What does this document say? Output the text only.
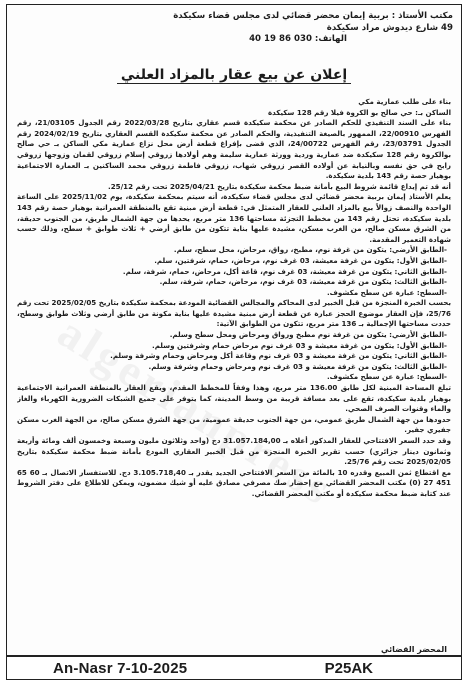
مكتب الأستاذ : بربية إيمان محضر قضائي لدى مجلس قضاء سكيكدة
49 شارع ديدوش مراد سكيكدة
الهاتف: 030 86 19 40
إعلان عن بيع عقار بالمزاد العلني

بناء على طلب عمارية مكي

الساكن بـ: حي صالح بو الكروة فيلا رقم 128 سكيكدة

بناء على السند التنفيذي للحكم الصادر عن محكمة سكيكدة قسم عقاري بتاريخ 2022/03/28 رقم الجدول 21/03105، رقم الفهرس 22/00910، الممهور بالصيغة التنفيذية، والحكم الصادر عن محكمة سكيكدة القسم العقاري بتاريخ 2024/02/19 رقم الجدول 23/03791، رقم الفهرس 24/00722، الذي قضى بإفراغ قطعة أرض محل نزاع عمارية مكي الساكن بـ حي صالح بوالكروة رقم 128 سكيكدة ضد عمارية وردية وورثة عمارية سليمة وهم أولادها زروقي إسلام زروقي لقمان وزوجها زروقي رابح في حق نفسه وبالنيابة عن أولاده القصر زروقي شهاب، زروقي فاطمة زروقي محمد الساكنين بـ العمارة الاجتماعية بوهيار حصة رقم 143 بلدية سكيكدة.

أنه قد تم إيداع قائمة شروط البيع بأمانة ضبط محكمة سكيكدة بتاريخ 2025/04/21 تحت رقم 25/12.

يعلم الأستاذ إيمان بربية محضر قضائي لدى مجلس قضاء سكيكدة، أنه سيتم بمحكمة سكيكدة، يوم 2025/11/02 على الساعة الواحدة والنصف زوالاً بيع بالمزاد العلني للعقار المتمثل في: قطعة أرض مبنية تقع بالمنطقة العمرانية بوهيار حصة رقم 143 بلدية سكيكدة، تحتل رقم 143 من مخطط التجزئة مساحتها 136 متر مربع، يحدها من جهة الشمال طريق، من الجنوب حديقة، من الشرق مسكن صالح، من الغرب مسكن، مشيدة عليها بناية تتكون من طابق أرضي + ثلاث طوابق + سطح، وذلك حسب شهادة التعمير المقدمة.

-الطابق الأرضي: يتكون من غرفة نوم، مطبخ، رواق، مرحاض، محل سطح، سلم.

-الطابق الأول: يتكون من غرفة معيشة، 03 غرف نوم، مرحاض، حمام، شرفتين، سلم.

-الطابق الثاني: يتكون من غرفة معيشة، 03 غرف نوم، قاعة أكل، مرحاض، حمام، شرفة، سلم.

-الطابق الثالث: يتكون من غرفة معيشة، 03 غرف نوم، مرحاض، حمام، شرفة، سلم.

-السطح: عبارة عن سطح مكشوف.

بحسب الخبرة المنجزة من قبل الخبير لدى المحاكم والمجالس القضائية المودعة بمحكمة سكيكدة بتاريخ 2025/02/05 تحت رقم 25/76، فإن العقار موضوع الحجز عبارة عن قطعة أرض مبنية مشيدة عليها بناية مكونة من طابق أرضي وثلاث طوابق وسطح، حددت مساحتها الإجمالية بـ 136 متر مربع، تتكون من الطوابق الآتية:

-الطابق الأرضي: يتكون من غرفة نوم مطبخ ورواق ومرحاض ومحل سطح وسلم.

-الطابق الأول: يتكون من غرفة معيشة و 03 غرف نوم مرحاض حمام وشرفتين وسلم.

-الطابق الثاني: يتكون من غرفة معيشة و 03 غرف نوم وقاعة أكل ومرحاض وحمام وشرفة وسلم.

-الطابق الثالث: يتكون من غرفة معيشة و 03 غرف نوم ومرحاض وحمام وشرفة وسلم.

-السطح: عبارة عن سطح مكشوف.

تبلغ المساحة المبنية لكل طابق 136.00 متر مربع، وهذا وفقاً للمخطط المقدم، ويقع العقار بالمنطقة العمرانية الاجتماعية بوهيار بلدية سكيكدة، تقع على بعد مسافة قريبة من وسط المدينة، كما يتوفر على جميع الشبكات الضرورية الكهرباء والغاز والماء وقنوات الصرف الصحي.

حدودها من جهة الشمال طريق عمومي، من جهة الجنوب حديقة عمومية، من جهة الشرق مسكن صالح، من الجهة الغرب مسكن جفيري جفير.

وقد حدد السعر الافتتاحي للعقار المذكور أعلاه بـ 31.057.184,00 دج (واحد وثلاثون مليون وسبعة وخمسون ألف ومائة وأربعة وثمانون دينار جزائري) حسب تقرير الخبرة المنجزة من قبل الخبير العقاري المودع بأمانة ضبط محكمة سكيكدة بتاريخ 2025/02/05 تحت رقم 25/76.

مع اقتطاع ثمن المبيع وقدره 10 بالمائة من السعر الافتتاحي الجديد يقدر بـ 3.105.718,40 دج. للاستفسار الاتصال بـ 60 65 451 27 (0) مكتب المحضر القضائي مع إحضار صك مصرفي مصادق عليه أو شيك مضمون، ويمكن للاطلاع على دفتر الشروط عند كتابة ضبط محكمة سكيكدة أو مكتب المحضر القضائي.

المحضر القضائي
An-Nasr 7-10-2025	P25AK
